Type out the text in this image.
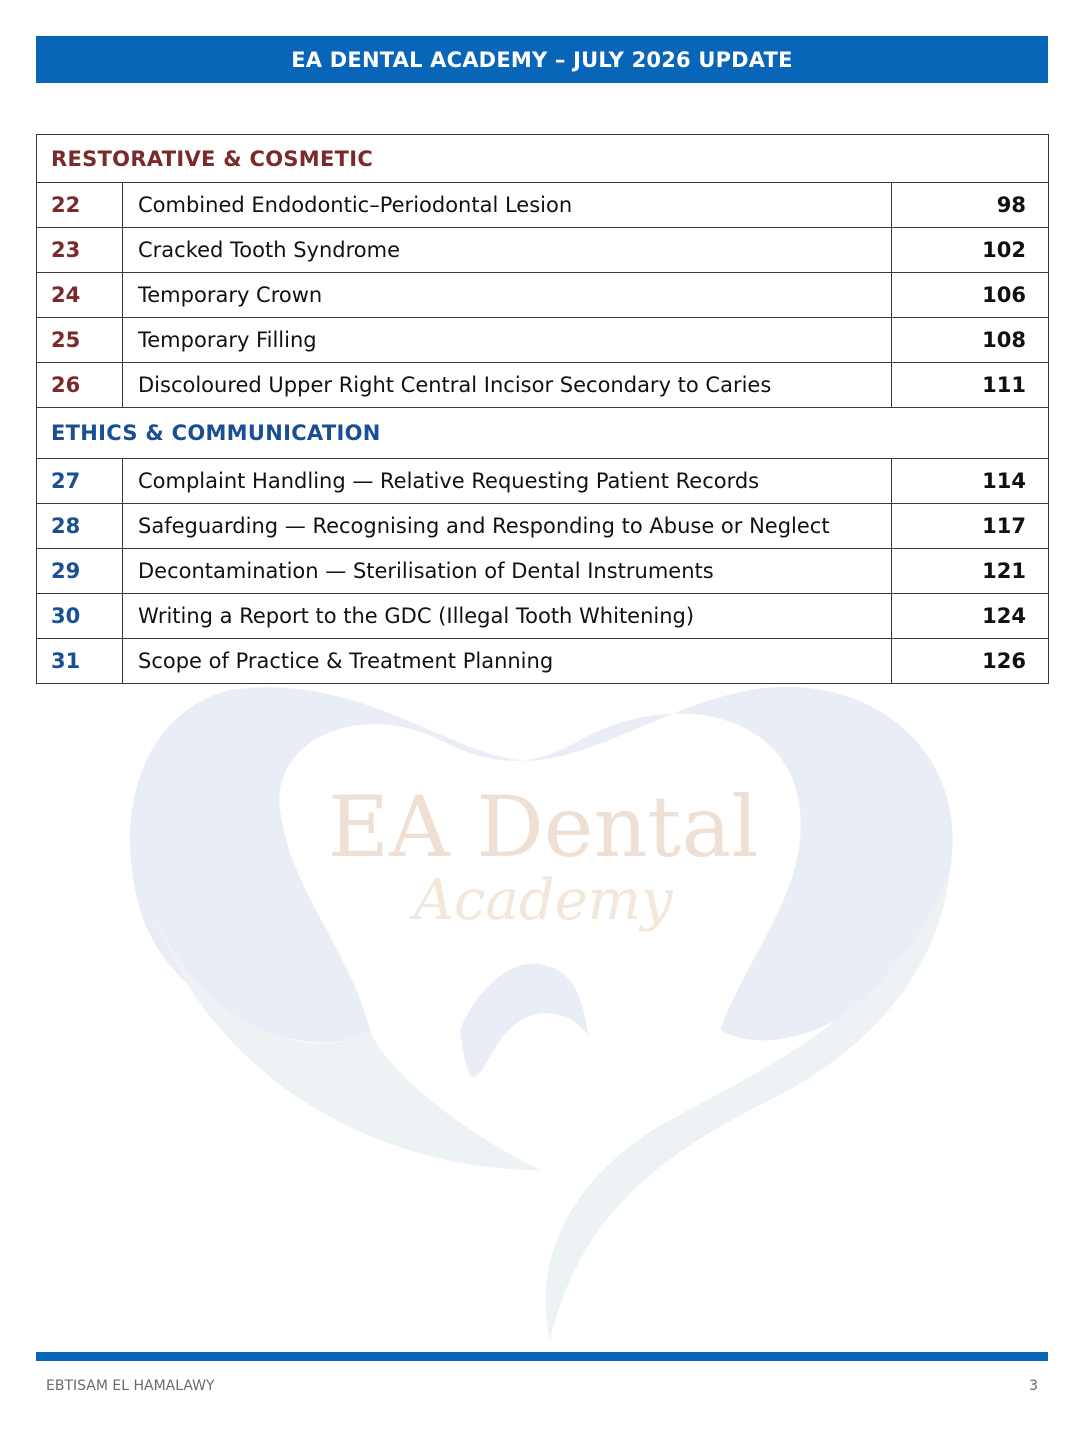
EA DENTAL ACADEMY – JULY 2026 UPDATE
EA Dental
Academy
RESTORATIVE & COSMETIC		
22	Combined Endodontic–Periodontal Lesion	98
23	Cracked Tooth Syndrome	102
24	Temporary Crown	106
25	Temporary Filling	108
26	Discoloured Upper Right Central Incisor Secondary to Caries	111
ETHICS & COMMUNICATION		
27	Complaint Handling — Relative Requesting Patient Records	114
28	Safeguarding — Recognising and Responding to Abuse or Neglect	117
29	Decontamination — Sterilisation of Dental Instruments	121
30	Writing a Report to the GDC (Illegal Tooth Whitening)	124
31	Scope of Practice & Treatment Planning	126
EBTISAM EL HAMALAWY	3
